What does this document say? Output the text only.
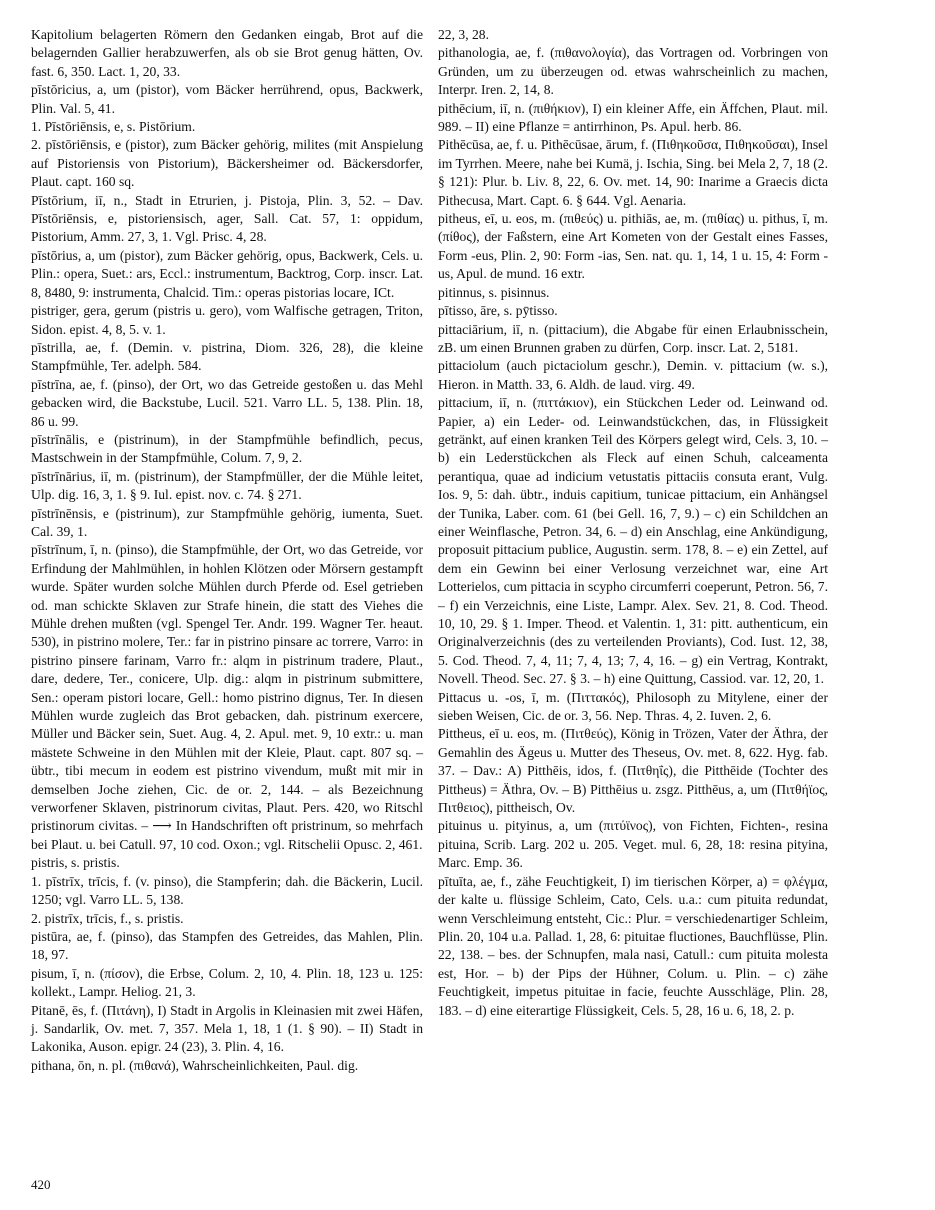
Kapitolium belagerten Römern den Gedanken eingab, Brot auf die belagernden Gallier herabzuwerfen, als ob sie Brot genug hätten, Ov. fast. 6, 350. Lact. 1, 20, 33.

pīstōricius, a, um (pistor), vom Bäcker herrührend, opus, Backwerk, Plin. Val. 5, 41.

1. Pīstōriēnsis, e, s. Pistōrium.

2. pīstōriēnsis, e (pistor), zum Bäcker gehörig, milites (mit Anspielung auf Pistoriensis von Pistorium), Bäckersheimer od. Bäckersdorfer, Plaut. capt. 160 sq.

Pīstōrium, iī, n., Stadt in Etrurien, j. Pistoja, Plin. 3, 52. – Dav. Pīstōriēnsis, e, pistoriensisch, ager, Sall. Cat. 57, 1: oppidum, Pistorium, Amm. 27, 3, 1. Vgl. Prisc. 4, 28.

pīstōrius, a, um (pistor), zum Bäcker gehörig, opus, Backwerk, Cels. u. Plin.: opera, Suet.: ars, Eccl.: instrumentum, Backtrog, Corp. inscr. Lat. 8, 8480, 9: instrumenta, Chalcid. Tim.: operas pistorias locare, ICt.

pistriger, gera, gerum (pistris u. gero), vom Walfische getragen, Triton, Sidon. epist. 4, 8, 5. v. 1.

pīstrilla, ae, f. (Demin. v. pistrina, Diom. 326, 28), die kleine Stampfmühle, Ter. adelph. 584.

pīstrīna, ae, f. (pinso), der Ort, wo das Getreide gestoßen u. das Mehl gebacken wird, die Backstube, Lucil. 521. Varro LL. 5, 138. Plin. 18, 86 u. 99.

pīstrīnālis, e (pistrinum), in der Stampfmühle befindlich, pecus, Mastschwein in der Stampfmühle, Colum. 7, 9, 2.

pīstrīnārius, iī, m. (pistrinum), der Stampfmüller, der die Mühle leitet, Ulp. dig. 16, 3, 1. § 9. Iul. epist. nov. c. 74. § 271.

pīstrīnēnsis, e (pistrinum), zur Stampfmühle gehörig, iumenta, Suet. Cal. 39, 1.

pīstrīnum, ī, n. (pinso), die Stampfmühle, der Ort, wo das Getreide, vor Erfindung der Mahlmühlen, in hohlen Klötzen oder Mörsern gestampft wurde. Später wurden solche Mühlen durch Pferde od. Esel getrieben od. man schickte Sklaven zur Strafe hinein, die statt des Viehes die Mühle drehen mußten (vgl. Spengel Ter. Andr. 199. Wagner Ter. heaut. 530), in pistrino molere, Ter.: far in pistrino pinsare ac torrere, Varro: in pistrino pinsere farinam, Varro fr.: alqm in pistrinum tradere, Plaut., dare, dedere, Ter., conicere, Ulp. dig.: alqm in pistrinum submittere, Sen.: operam pistori locare, Gell.: homo pistrino dignus, Ter. In diesen Mühlen wurde zugleich das Brot gebacken, dah. pistrinum exercere, Müller und Bäcker sein, Suet. Aug. 4, 2. Apul. met. 9, 10 extr.: u. man mästete Schweine in den Mühlen mit der Kleie, Plaut. capt. 807 sq. – übtr., tibi mecum in eodem est pistrino vivendum, mußt mit mir in demselben Joche ziehen, Cic. de or. 2, 144. – als Bezeichnung verworfener Sklaven, pistrinorum civitas, Plaut. Pers. 420, wo Ritschl pristinorum civitas. – ⟶ In Handschriften oft pristrinum, so mehrfach bei Plaut. u. bei Catull. 97, 10 cod. Oxon.; vgl. Ritschelii Opusc. 2, 461.

pistris, s. pristis.

1. pīstrīx, trīcis, f. (v. pinso), die Stampferin; dah. die Bäckerin, Lucil. 1250; vgl. Varro LL. 5, 138.

2. pistrīx, trīcis, f., s. pristis.

pistūra, ae, f. (pinso), das Stampfen des Getreides, das Mahlen, Plin. 18, 97.

pisum, ī, n. (πίσον), die Erbse, Colum. 2, 10, 4. Plin. 18, 123 u. 125: kollekt., Lampr. Heliog. 21, 3.

Pitanē, ēs, f. (Πιτάνη), I) Stadt in Argolis in Kleinasien mit zwei Häfen, j. Sandarlik, Ov. met. 7, 357. Mela 1, 18, 1 (1. § 90). – II) Stadt in Lakonika, Auson. epigr. 24 (23), 3. Plin. 4, 16.

pithana, ōn, n. pl. (πιθανά), Wahrscheinlichkeiten, Paul. dig.

22, 3, 28.

pithanologia, ae, f. (πιθανολογία), das Vortragen od. Vorbringen von Gründen, um zu überzeugen od. etwas wahrscheinlich zu machen, Interpr. Iren. 2, 14, 8.

pithēcium, iī, n. (πιθήκιον), I) ein kleiner Affe, ein Äffchen, Plaut. mil. 989. – II) eine Pflanze = antirrhinon, Ps. Apul. herb. 86.

Pithēcūsa, ae, f. u. Pithēcūsae, ārum, f. (Πιθηκοῦσα, Πιθηκοῦσαι), Insel im Tyrrhen. Meere, nahe bei Kumä, j. Ischia, Sing. bei Mela 2, 7, 18 (2. § 121): Plur. b. Liv. 8, 22, 6. Ov. met. 14, 90: Inarime a Graecis dicta Pithecusa, Mart. Capt. 6. § 644. Vgl. Aenaria.

pitheus, eī, u. eos, m. (πιθεύς) u. pithiās, ae, m. (πιθίας) u. pithus, ī, m. (πίθος), der Faßstern, eine Art Kometen von der Gestalt eines Fasses, Form -eus, Plin. 2, 90: Form -ias, Sen. nat. qu. 1, 14, 1 u. 15, 4: Form -us, Apul. de mund. 16 extr.

pitinnus, s. pisinnus.

pītisso, āre, s. pȳtisso.

pittaciārium, iī, n. (pittacium), die Abgabe für einen Erlaubnisschein, zB. um einen Brunnen graben zu dürfen, Corp. inscr. Lat. 2, 5181.

pittaciolum (auch pictaciolum geschr.), Demin. v. pittacium (w. s.), Hieron. in Matth. 33, 6. Aldh. de laud. virg. 49.

pittacium, iī, n. (πιττάκιον), ein Stückchen Leder od. Leinwand od. Papier, a) ein Leder- od. Leinwandstückchen, das, in Flüssigkeit getränkt, auf einen kranken Teil des Körpers gelegt wird, Cels. 3, 10. – b) ein Lederstückchen als Fleck auf einen Schuh, calceamenta perantiqua, quae ad indicium vetustatis pittaciis consuta erant, Vulg. Ios. 9, 5: dah. übtr., induis capitium, tunicae pittacium, ein Anhängsel der Tunika, Laber. com. 61 (bei Gell. 16, 7, 9.) – c) ein Schildchen an einer Weinflasche, Petron. 34, 6. – d) ein Anschlag, eine Ankündigung, proposuit pittacium publice, Augustin. serm. 178, 8. – e) ein Zettel, auf dem ein Gewinn bei einer Verlosung verzeichnet war, eine Art Lotterielos, cum pittacia in scypho circumferri coeperunt, Petron. 56, 7. – f) ein Verzeichnis, eine Liste, Lampr. Alex. Sev. 21, 8. Cod. Theod. 10, 10, 29. § 1. Imper. Theod. et Valentin. 1, 31: pitt. authenticum, ein Originalverzeichnis (des zu verteilenden Proviants), Cod. Iust. 12, 38, 5. Cod. Theod. 7, 4, 11; 7, 4, 13; 7, 4, 16. – g) ein Vertrag, Kontrakt, Novell. Theod. Sec. 27. § 3. – h) eine Quittung, Cassiod. var. 12, 20, 1.

Pittacus u. -os, ī, m. (Πιττακός), Philosoph zu Mitylene, einer der sieben Weisen, Cic. de or. 3, 56. Nep. Thras. 4, 2. Iuven. 2, 6.

Pittheus, eī u. eos, m. (Πιτθεύς), König in Trözen, Vater der Äthra, der Gemahlin des Ägeus u. Mutter des Theseus, Ov. met. 8, 622. Hyg. fab. 37. – Dav.: A) Pitthēis, idos, f. (Πιτθηΐς), die Pitthēide (Tochter des Pittheus) = Äthra, Ov. – B) Pitthēius u. zsgz. Pitthēus, a, um (Πιτθήϊος, Πιτθειος), pittheisch, Ov.

pituinus u. pityinus, a, um (πιτύϊνος), von Fichten, Fichten-, resina pituina, Scrib. Larg. 202 u. 205. Veget. mul. 6, 28, 18: resina pityina, Marc. Emp. 36.

pītuīta, ae, f., zähe Feuchtigkeit, I) im tierischen Körper, a) = φλέγμα, der kalte u. flüssige Schleim, Cato, Cels. u.a.: cum pituita redundat, wenn Verschleimung entsteht, Cic.: Plur. = verschiedenartiger Schleim, Plin. 20, 104 u.a. Pallad. 1, 28, 6: pituitae fluctiones, Bauchflüsse, Plin. 22, 138. – bes. der Schnupfen, mala nasi, Catull.: cum pituita molesta est, Hor. – b) der Pips der Hühner, Colum. u. Plin. – c) zähe Feuchtigkeit, impetus pituitae in facie, feuchte Ausschläge, Plin. 28, 183. – d) eine eiterartige Flüssigkeit, Cels. 5, 28, 16 u. 6, 18, 2. p.

420
